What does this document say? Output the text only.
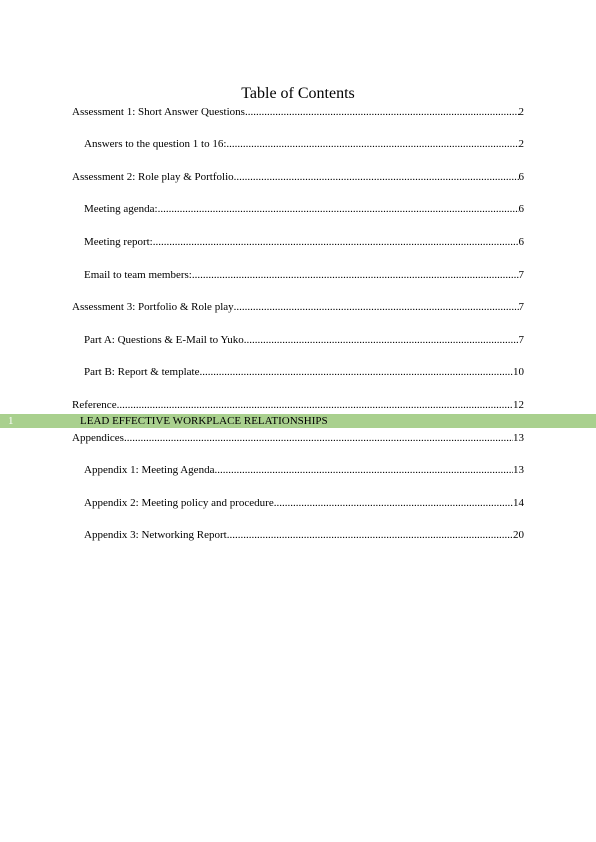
Table of Contents
Assessment 1: Short Answer Questions .....	2
Answers to the question 1 to 16: .....	2
Assessment 2: Role play & Portfolio .....	6
Meeting agenda: .....	6
Meeting report: .....	6
Email to team members: .....	7
Assessment 3: Portfolio & Role play .....	7
Part A: Questions & E-Mail to Yuko .....	7
Part B: Report & template .....	10
Reference .....	12
1	LEAD EFFECTIVE WORKPLACE RELATIONSHIPS
Appendices .....	13
Appendix 1: Meeting Agenda .....	13
Appendix 2: Meeting policy and procedure .....	14
Appendix 3: Networking Report .....	20
